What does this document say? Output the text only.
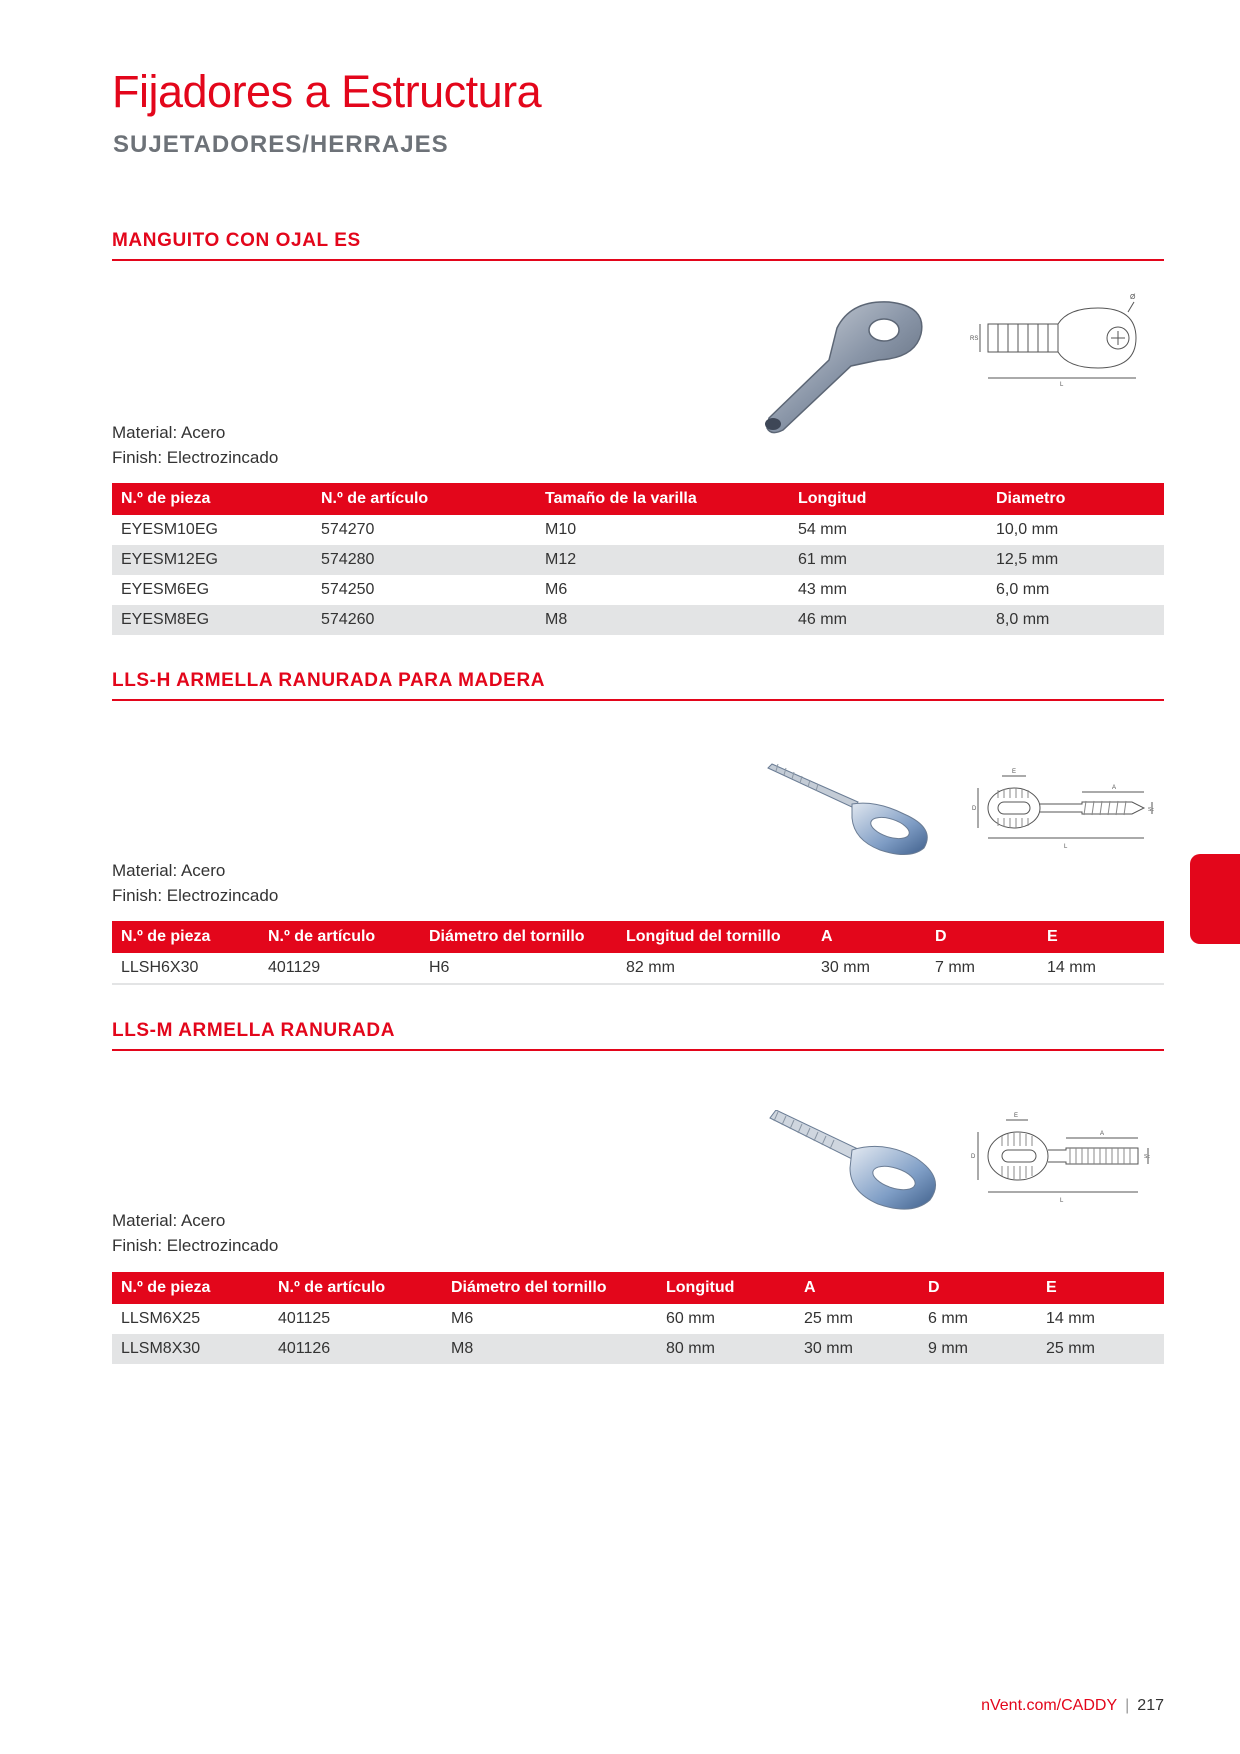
Fijadores a Estructura
SUJETADORES/HERRAJES
MANGUITO CON OJAL ES
Ø
RS
L
Material: Acero
Finish: Electrozincado
N.º de pieza	N.º de artículo	Tamaño de la varilla	Longitud	Diametro
EYESM10EG	574270	M10	54 mm	10,0 mm
EYESM12EG	574280	M12	61 mm	12,5 mm
EYESM6EG	574250	M6	43 mm	6,0 mm
EYESM8EG	574260	M8	46 mm	8,0 mm
LLS-H ARMELLA RANURADA PARA MADERA
E
A
D	Sc
L
Material: Acero
Finish: Electrozincado
N.º de pieza	N.º de artículo	Diámetro del tornillo	Longitud del tornillo	A	D	E
LLSH6X30	401129	H6	82 mm	30 mm	7 mm	14 mm
LLS-M ARMELLA RANURADA
E
A
D	Sc
L
Material: Acero
Finish: Electrozincado
N.º de pieza	N.º de artículo	Diámetro del tornillo	Longitud	A	D	E
LLSM6X25	401125	M6	60 mm	25 mm	6 mm	14 mm
LLSM8X30	401126	M8	80 mm	30 mm	9 mm	25 mm
nVent.com/CADDY | 217
